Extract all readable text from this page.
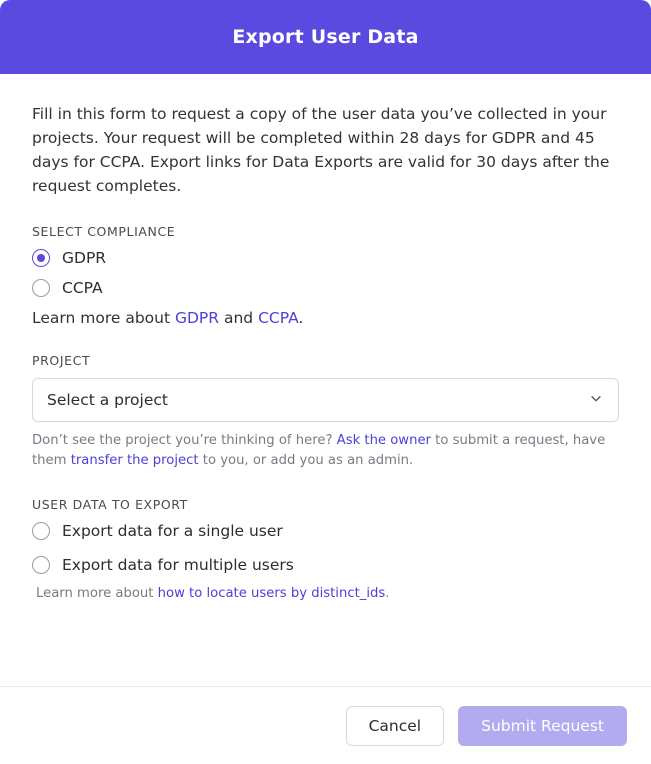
Export User Data

Fill in this form to request a copy of the user data you’ve collected in your projects. Your request will be completed within 28 days for GDPR and 45 days for CCPA. Export links for Data Exports are valid for 30 days after the request completes.

SELECT COMPLIANCE
GDPR
CCPA

Learn more about GDPR and CCPA.

PROJECT
Select a project

Don’t see the project you’re thinking of here? Ask the owner to submit a request, have them transfer the project to you, or add you as an admin.

USER DATA TO EXPORT
Export data for a single user
Export data for multiple users

Learn more about how to locate users by distinct_ids.

Cancel	Submit Request
